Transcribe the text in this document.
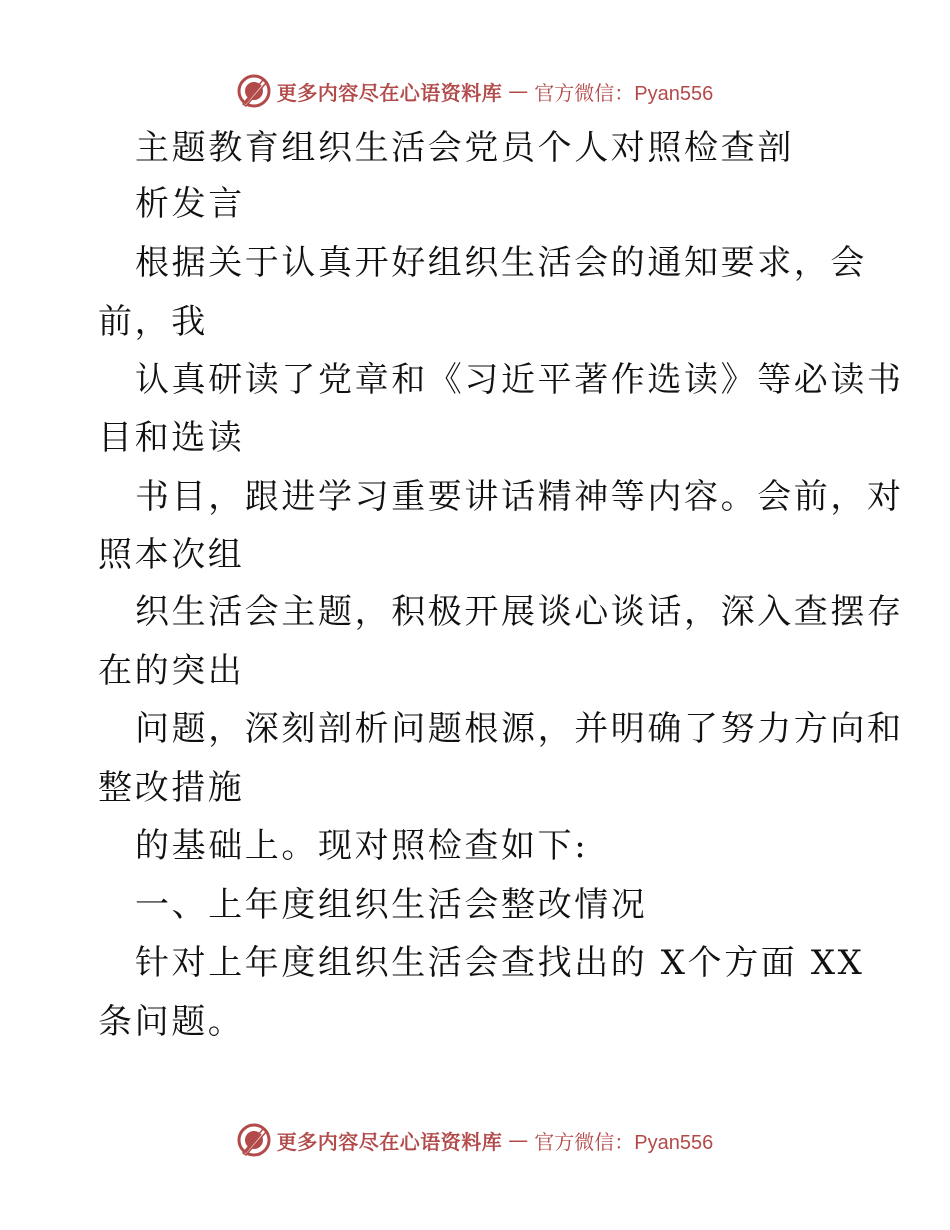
更多内容尽在心语资料库 — 官方微信：Pyan556
主题教育组织生活会党员个人对照检查剖
析发言
根据关于认真开好组织生活会的通知要求，会
前，我
认真研读了党章和《习近平著作选读》等必读书
目和选读
书目，跟进学习重要讲话精神等内容。会前，对
照本次组
织生活会主题，积极开展谈心谈话，深入查摆存
在的突出
问题，深刻剖析问题根源，并明确了努力方向和
整改措施
的基础上。现对照检查如下:
一、上年度组织生活会整改情况
针对上年度组织生活会查找出的 X个方面 XX
条问题。
更多内容尽在心语资料库 — 官方微信：Pyan556
